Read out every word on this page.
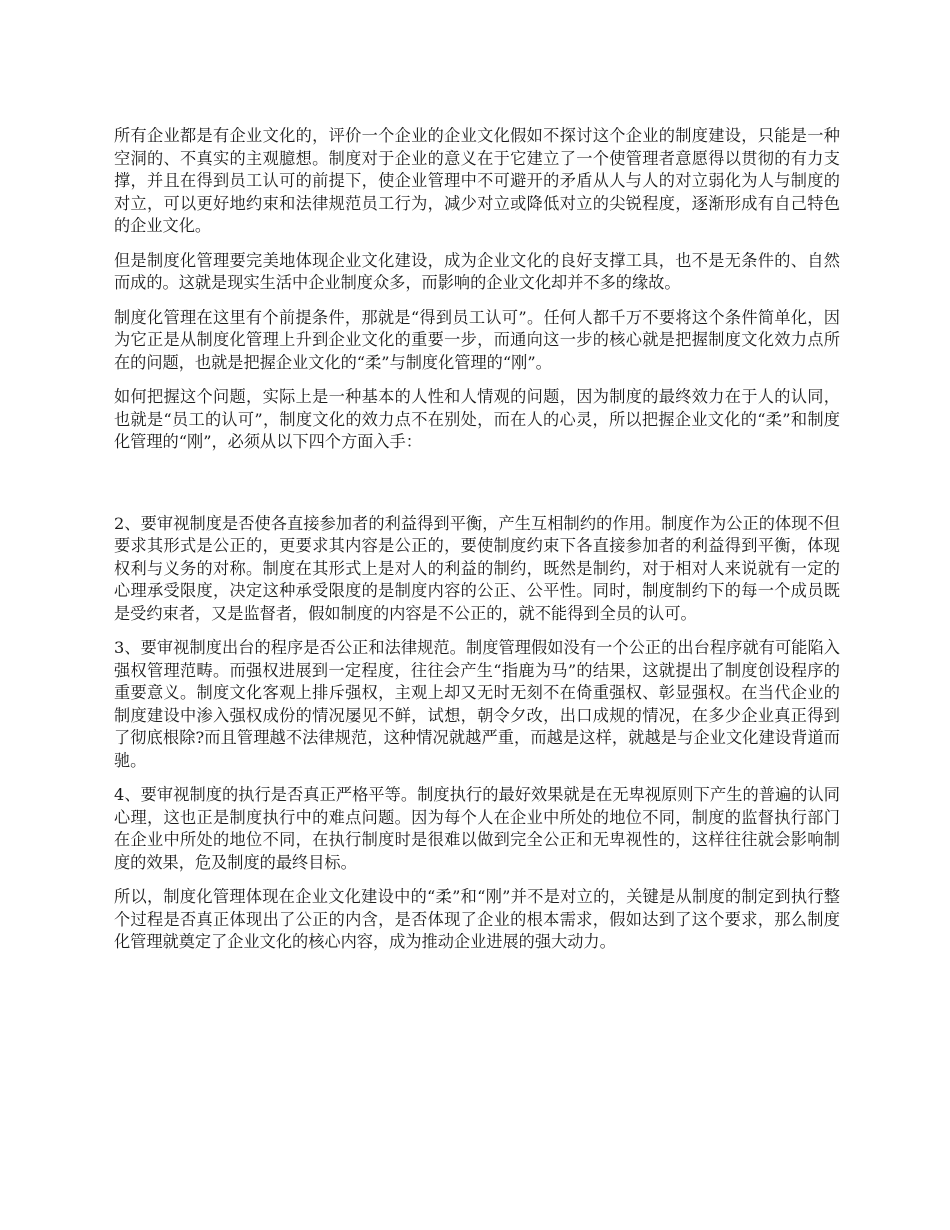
所有企业都是有企业文化的，评价一个企业的企业文化假如不探讨这个企业的制度建设，只能是一种空洞的、不真实的主观臆想。制度对于企业的意义在于它建立了一个使管理者意愿得以贯彻的有力支撑，并且在得到员工认可的前提下，使企业管理中不可避开的矛盾从人与人的对立弱化为人与制度的对立，可以更好地约束和法律规范员工行为，减少对立或降低对立的尖锐程度，逐渐形成有自己特色的企业文化。

但是制度化管理要完美地体现企业文化建设，成为企业文化的良好支撑工具，也不是无条件的、自然而成的。这就是现实生活中企业制度众多，而影响的企业文化却并不多的缘故。

制度化管理在这里有个前提条件，那就是“得到员工认可”。任何人都千万不要将这个条件简单化，因为它正是从制度化管理上升到企业文化的重要一步，而通向这一步的核心就是把握制度文化效力点所在的问题，也就是把握企业文化的“柔”与制度化管理的“刚”。

如何把握这个问题，实际上是一种基本的人性和人情观的问题，因为制度的最终效力在于人的认同，也就是“员工的认可”，制度文化的效力点不在别处，而在人的心灵，所以把握企业文化的“柔”和制度化管理的“刚”，必须从以下四个方面入手：

2、要审视制度是否使各直接参加者的利益得到平衡，产生互相制约的作用。制度作为公正的体现不但要求其形式是公正的，更要求其内容是公正的，要使制度约束下各直接参加者的利益得到平衡，体现权利与义务的对称。制度在其形式上是对人的利益的制约，既然是制约，对于相对人来说就有一定的心理承受限度，决定这种承受限度的是制度内容的公正、公平性。同时，制度制约下的每一个成员既是受约束者，又是监督者，假如制度的内容是不公正的，就不能得到全员的认可。

3、要审视制度出台的程序是否公正和法律规范。制度管理假如没有一个公正的出台程序就有可能陷入强权管理范畴。而强权进展到一定程度，往往会产生“指鹿为马”的结果，这就提出了制度创设程序的重要意义。制度文化客观上排斥强权，主观上却又无时无刻不在倚重强权、彰显强权。在当代企业的制度建设中渗入强权成份的情况屡见不鲜，试想，朝令夕改，出口成规的情况，在多少企业真正得到了彻底根除?而且管理越不法律规范，这种情况就越严重，而越是这样，就越是与企业文化建设背道而驰。

4、要审视制度的执行是否真正严格平等。制度执行的最好效果就是在无卑视原则下产生的普遍的认同心理，这也正是制度执行中的难点问题。因为每个人在企业中所处的地位不同，制度的监督执行部门在企业中所处的地位不同，在执行制度时是很难以做到完全公正和无卑视性的，这样往往就会影响制度的效果，危及制度的最终目标。

所以，制度化管理体现在企业文化建设中的“柔”和“刚”并不是对立的，关键是从制度的制定到执行整个过程是否真正体现出了公正的内含，是否体现了企业的根本需求，假如达到了这个要求，那么制度化管理就奠定了企业文化的核心内容，成为推动企业进展的强大动力。
